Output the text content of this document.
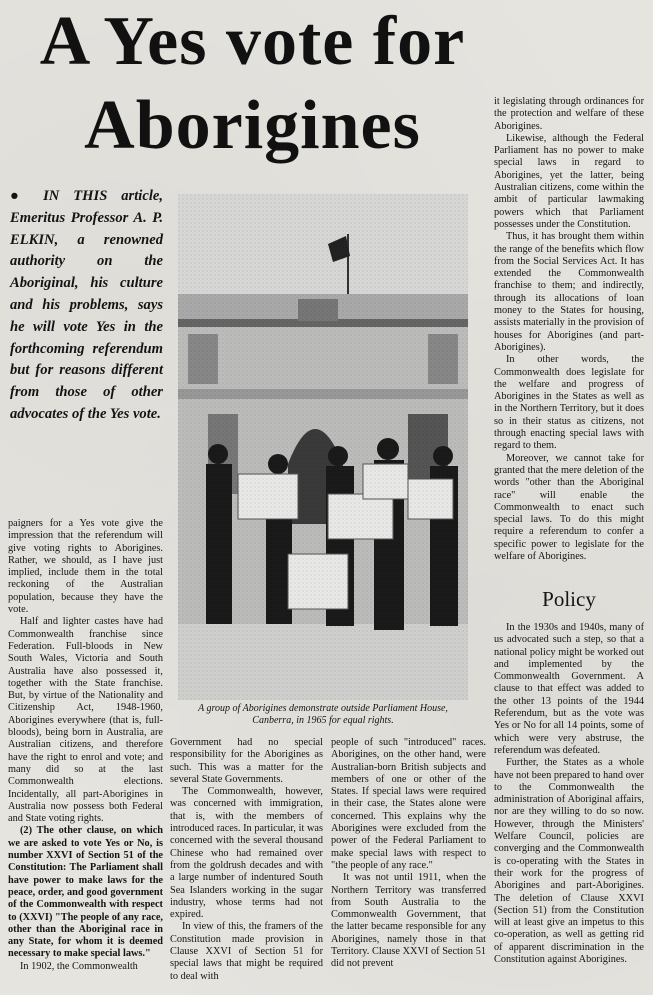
A Yes vote for Aborigines

● IN THIS article, Emeritus Professor A. P. ELKIN, a renowned authority on the Aboriginal, his culture and his problems, says he will vote Yes in the forthcoming referendum but for reasons different from those of other advocates of the Yes vote.

A group of Aborigines demonstrate outside Parliament House, Canberra, in 1965 for equal rights.

paigners for a Yes vote give the impression that the referendum will give voting rights to Aborigines. Rather, we should, as I have just implied, include them in the total reckoning of the Australian population, because they have the vote.

Half and lighter castes have had Commonwealth franchise since Federation. Full-bloods in New South Wales, Victoria and South Australia have also possessed it, together with the State franchise. But, by virtue of the Nationality and Citizenship Act, 1948-1960, Aborigines everywhere (that is, full-bloods), being born in Australia, are Australian citizens, and therefore have the right to enrol and vote; and many did so at the last Commonwealth elections. Incidentally, all part-Aborigines in Australia now possess both Federal and State voting rights.

(2) The other clause, on which we are asked to vote Yes or No, is number XXVI of Section 51 of the Constitution: The Parliament shall have power to make laws for the peace, order, and good government of the Commonwealth with respect to (XXVI) "The people of any race, other than the Aboriginal race in any State, for whom it is deemed necessary to make special laws."

In 1902, the Commonwealth

Government had no special responsibility for the Aborigines as such. This was a matter for the several State Governments.

The Commonwealth, however, was concerned with immigration, that is, with the members of introduced races. In particular, it was concerned with the several thousand Chinese who had remained over from the goldrush decades and with a large number of indentured South Sea Islanders working in the sugar industry, whose terms had not expired.

In view of this, the framers of the Constitution made provision in Clause XXVI of Section 51 for special laws that might be required to deal with

people of such "introduced" races. Aborigines, on the other hand, were Australian-born British subjects and members of one or other of the States. If special laws were required in their case, the States alone were concerned. This explains why the Aborigines were excluded from the power of the Federal Parliament to make special laws with respect to "the people of any race."

It was not until 1911, when the Northern Territory was transferred from South Australia to the Commonwealth Government, that the latter became responsible for any Aborigines, namely those in that Territory. Clause XXVI of Section 51 did not prevent

it legislating through ordinances for the protection and welfare of these Aborigines.

Likewise, although the Federal Parliament has no power to make special laws in regard to Aborigines, yet the latter, being Australian citizens, come within the ambit of particular lawmaking powers which that Parliament possesses under the Constitution.

Thus, it has brought them within the range of the benefits which flow from the Social Services Act. It has extended the Commonwealth franchise to them; and indirectly, through its allocations of loan money to the States for housing, assists materially in the provision of houses for Aborigines (and part-Aborigines).

In other words, the Commonwealth does legislate for the welfare and progress of Aborigines in the States as well as in the Northern Territory, but it does so in their status as citizens, not through enacting special laws with regard to them.

Moreover, we cannot take for granted that the mere deletion of the words "other than the Aboriginal race" will enable the Commonwealth to enact such special laws. To do this might require a referendum to confer a specific power to legislate for the welfare of Aborigines.

Policy

In the 1930s and 1940s, many of us advocated such a step, so that a national policy might be worked out and implemented by the Commonwealth Government. A clause to that effect was added to the other 13 points of the 1944 Referendum, but as the vote was Yes or No for all 14 points, some of which were very abstruse, the referendum was defeated.

Further, the States as a whole have not been prepared to hand over to the Commonwealth the administration of Aboriginal affairs, nor are they willing to do so now. However, through the Ministers' Welfare Council, policies are converging and the Commonwealth is co-operating with the States in their work for the progress of Aborigines and part-Aborigines. The deletion of Clause XXVI (Section 51) from the Constitution will at least give an impetus to this co-operation, as well as getting rid of apparent discrimination in the Constitution against Aborigines.
